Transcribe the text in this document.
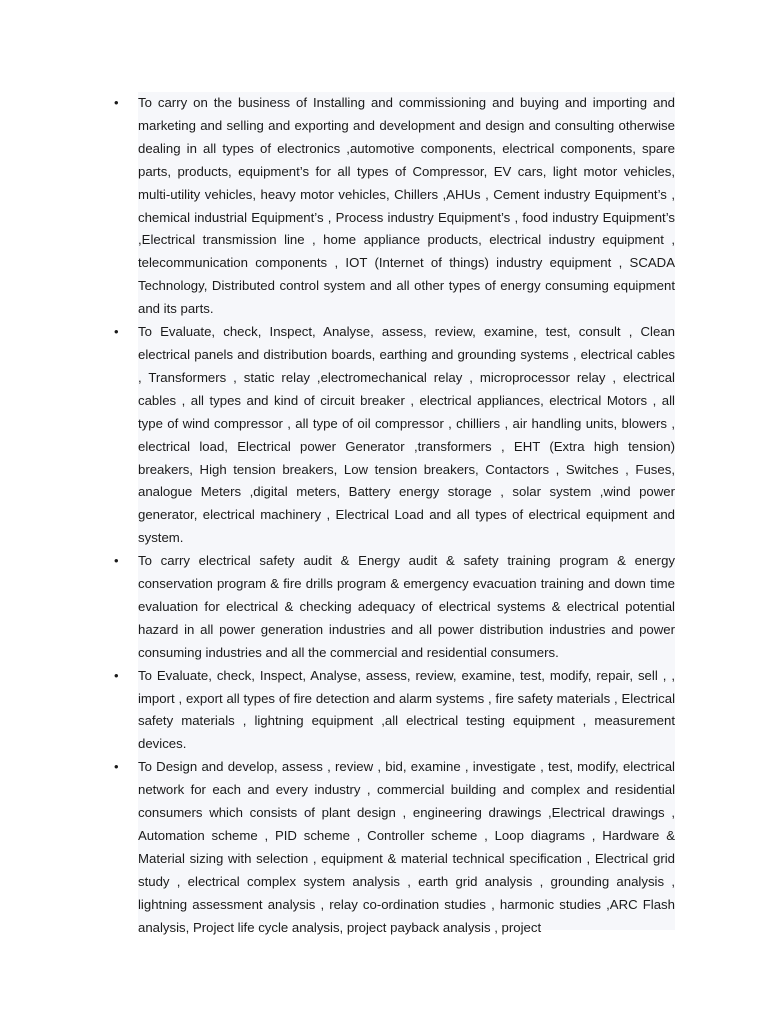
• To carry on the business of Installing and commissioning and buying and importing and marketing and selling and exporting and development and design and consulting otherwise dealing in all types of electronics ,automotive components, electrical components, spare parts, products, equipment’s for all types of Compressor, EV cars, light motor vehicles, multi-utility vehicles, heavy motor vehicles, Chillers ,AHUs , Cement industry Equipment’s , chemical industrial Equipment’s , Process industry Equipment’s , food industry Equipment’s ,Electrical transmission line , home appliance products, electrical industry equipment , telecommunication components , IOT (Internet of things) industry equipment , SCADA Technology, Distributed control system and all other types of energy consuming equipment and its parts.
• To Evaluate, check, Inspect, Analyse, assess, review, examine, test, consult , Clean electrical panels and distribution boards, earthing and grounding systems , electrical cables , Transformers , static relay ,electromechanical relay , microprocessor relay , electrical cables , all types and kind of circuit breaker , electrical appliances, electrical Motors , all type of wind compressor , all type of oil compressor , chilliers , air handling units, blowers , electrical load, Electrical power Generator ,transformers , EHT (Extra high tension) breakers, High tension breakers, Low tension breakers, Contactors , Switches , Fuses, analogue Meters ,digital meters, Battery energy storage , solar system ,wind power generator, electrical machinery , Electrical Load and all types of electrical equipment and system.
• To carry electrical safety audit & Energy audit & safety training program & energy conservation program & fire drills program & emergency evacuation training and down time evaluation for electrical & checking adequacy of electrical systems & electrical potential hazard in all power generation industries and all power distribution industries and power consuming industries and all the commercial and residential consumers.
• To Evaluate, check, Inspect, Analyse, assess, review, examine, test, modify, repair, sell , , import , export all types of fire detection and alarm systems , fire safety materials , Electrical safety materials , lightning equipment ,all electrical testing equipment , measurement devices.
• To Design and develop, assess , review , bid, examine , investigate , test, modify, electrical network for each and every industry , commercial building and complex and residential consumers which consists of plant design , engineering drawings ,Electrical drawings , Automation scheme , PID scheme , Controller scheme , Loop diagrams , Hardware & Material sizing with selection , equipment & material technical specification , Electrical grid study , electrical complex system analysis , earth grid analysis , grounding analysis , lightning assessment analysis , relay co-ordination studies , harmonic studies ,ARC Flash analysis, Project life cycle analysis, project payback analysis , project
